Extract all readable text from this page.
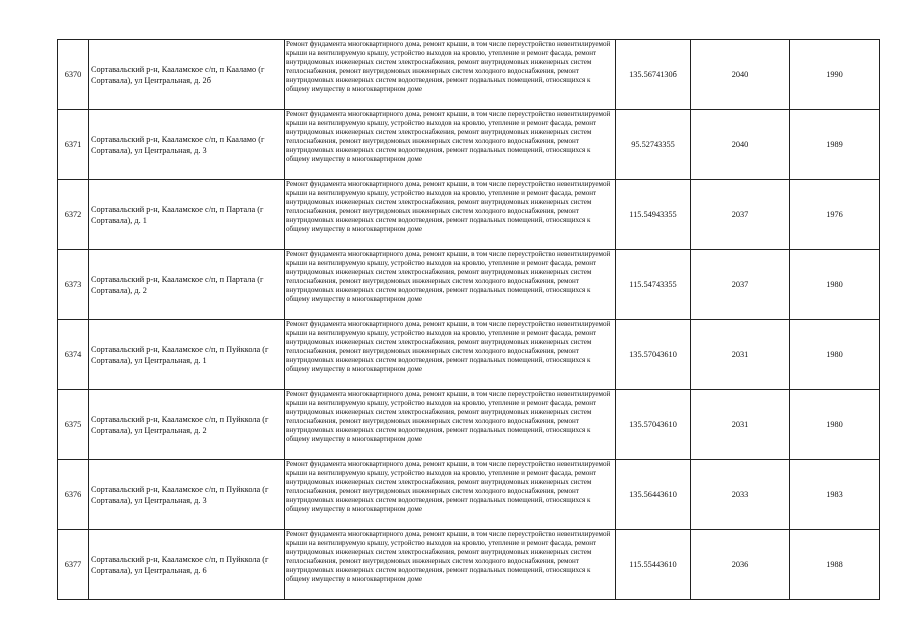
6370	Сортавальский р-н, Кааламское с/п, п Кааламо (г Сортавала), ул Центральная, д. 2б	Ремонт фундамента многоквартирного дома, ремонт крыши, в том числе переустройство невентилируемой крыши на вентилируемую крышу, устройство выходов на кровлю, утепление и ремонт фасада, ремонт внутридомовых инженерных систем электроснабжения, ремонт внутридомовых инженерных систем теплоснабжения, ремонт внутридомовых инженерных систем холодного водоснабжения, ремонт внутридомовых инженерных систем водоотведения, ремонт подвальных помещений, относящихся к общему имуществу в многоквартирном доме	135.5674130б	2040	1990
6371	Сортавальский р-н, Кааламское с/п, п Кааламо (г Сортавала), ул Центральная, д. 3	Ремонт фундамента многоквартирного дома, ремонт крыши, в том числе переустройство невентилируемой крыши на вентилируемую крышу, устройство выходов на кровлю, утепление и ремонт фасада, ремонт внутридомовых инженерных систем электроснабжения, ремонт внутридомовых инженерных систем теплоснабжения, ремонт внутридомовых инженерных систем холодного водоснабжения, ремонт внутридомовых инженерных систем водоотведения, ремонт подвальных помещений, относящихся к общему имуществу в многоквартирном доме	95.52743355	2040	1989
6372	Сортавальский р-н, Кааламское с/п, п Партала (г Сортавала), д. 1	Ремонт фундамента многоквартирного дома, ремонт крыши, в том числе переустройство невентилируемой крыши на вентилируемую крышу, устройство выходов на кровлю, утепление и ремонт фасада, ремонт внутридомовых инженерных систем электроснабжения, ремонт внутридомовых инженерных систем теплоснабжения, ремонт внутридомовых инженерных систем холодного водоснабжения, ремонт внутридомовых инженерных систем водоотведения, ремонт подвальных помещений, относящихся к общему имуществу в многоквартирном доме	115.54943355	2037	1976
6373	Сортавальский р-н, Кааламское с/п, п Партала (г Сортавала), д. 2	Ремонт фундамента многоквартирного дома, ремонт крыши, в том числе переустройство невентилируемой крыши на вентилируемую крышу, устройство выходов на кровлю, утепление и ремонт фасада, ремонт внутридомовых инженерных систем электроснабжения, ремонт внутридомовых инженерных систем теплоснабжения, ремонт внутридомовых инженерных систем холодного водоснабжения, ремонт внутридомовых инженерных систем водоотведения, ремонт подвальных помещений, относящихся к общему имуществу в многоквартирном доме	115.54743355	2037	1980
6374	Сортавальский р-н, Кааламское с/п, п Пуйккола (г Сортавала), ул Центральная, д. 1	Ремонт фундамента многоквартирного дома, ремонт крыши, в том числе переустройство невентилируемой крыши на вентилируемую крышу, устройство выходов на кровлю, утепление и ремонт фасада, ремонт внутридомовых инженерных систем электроснабжения, ремонт внутридомовых инженерных систем теплоснабжения, ремонт внутридомовых инженерных систем холодного водоснабжения, ремонт внутридомовых инженерных систем водоотведения, ремонт подвальных помещений, относящихся к общему имуществу в многоквартирном доме	135.57043610	2031	1980
6375	Сортавальский р-н, Кааламское с/п, п Пуйккола (г Сортавала), ул Центральная, д. 2	Ремонт фундамента многоквартирного дома, ремонт крыши, в том числе переустройство невентилируемой крыши на вентилируемую крышу, устройство выходов на кровлю, утепление и ремонт фасада, ремонт внутридомовых инженерных систем электроснабжения, ремонт внутридомовых инженерных систем теплоснабжения, ремонт внутридомовых инженерных систем холодного водоснабжения, ремонт внутридомовых инженерных систем водоотведения, ремонт подвальных помещений, относящихся к общему имуществу в многоквартирном доме	135.57043610	2031	1980
6376	Сортавальский р-н, Кааламское с/п, п Пуйккола (г Сортавала), ул Центральная, д. 3	Ремонт фундамента многоквартирного дома, ремонт крыши, в том числе переустройство невентилируемой крыши на вентилируемую крышу, устройство выходов на кровлю, утепление и ремонт фасада, ремонт внутридомовых инженерных систем электроснабжения, ремонт внутридомовых инженерных систем теплоснабжения, ремонт внутридомовых инженерных систем холодного водоснабжения, ремонт внутридомовых инженерных систем водоотведения, ремонт подвальных помещений, относящихся к общему имуществу в многоквартирном доме	135.56443610	2033	1983
6377	Сортавальский р-н, Кааламское с/п, п Пуйккола (г Сортавала), ул Центральная, д. 6	Ремонт фундамента многоквартирного дома, ремонт крыши, в том числе переустройство невентилируемой крыши на вентилируемую крышу, устройство выходов на кровлю, утепление и ремонт фасада, ремонт внутридомовых инженерных систем электроснабжения, ремонт внутридомовых инженерных систем теплоснабжения, ремонт внутридомовых инженерных систем холодного водоснабжения, ремонт внутридомовых инженерных систем водоотведения, ремонт подвальных помещений, относящихся к общему имуществу в многоквартирном доме	115.55443610	2036	1988
